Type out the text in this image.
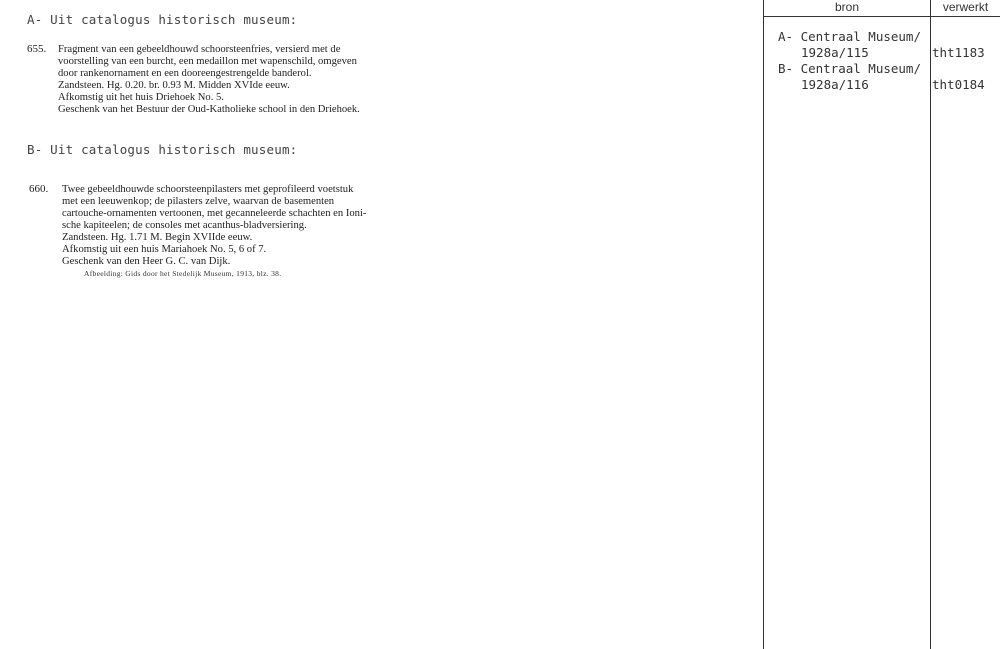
A- Uit catalogus historisch museum:
655. Fragment van een gebeeldhouwd schoorsteenfries, versierd met de
voorstelling van een burcht, een medaillon met wapenschild, omgeven
door rankenornament en een dooreengestrengelde banderol.
Zandsteen. Hg. 0.20. br. 0.93 M. Midden XVIde eeuw.
Afkomstig uit het huis Driehoek No. 5.
Geschenk van het Bestuur der Oud-Katholieke school in den Driehoek.
B- Uit catalogus historisch museum:
660. Twee gebeeldhouwde schoorsteenpilasters met geprofileerd voetstuk
met een leeuwenkop; de pilasters zelve, waarvan de basementen
cartouche-ornamenten vertoonen, met gecanneleerde schachten en Ioni-
sche kapiteelen; de consoles met acanthus-bladversiering.
Zandsteen. Hg. 1.71 M. Begin XVIIde eeuw.
Afkomstig uit een huis Mariahoek No. 5, 6 of 7.
Geschenk van den Heer G. C. van Dijk.
Afbeelding: Gids door het Stedelijk Museum, 1913, blz. 38.
bron	verwerkt
A- Centraal Museum/
1928a/115	tht1183
B- Centraal Museum/
1928a/116	tht0184
